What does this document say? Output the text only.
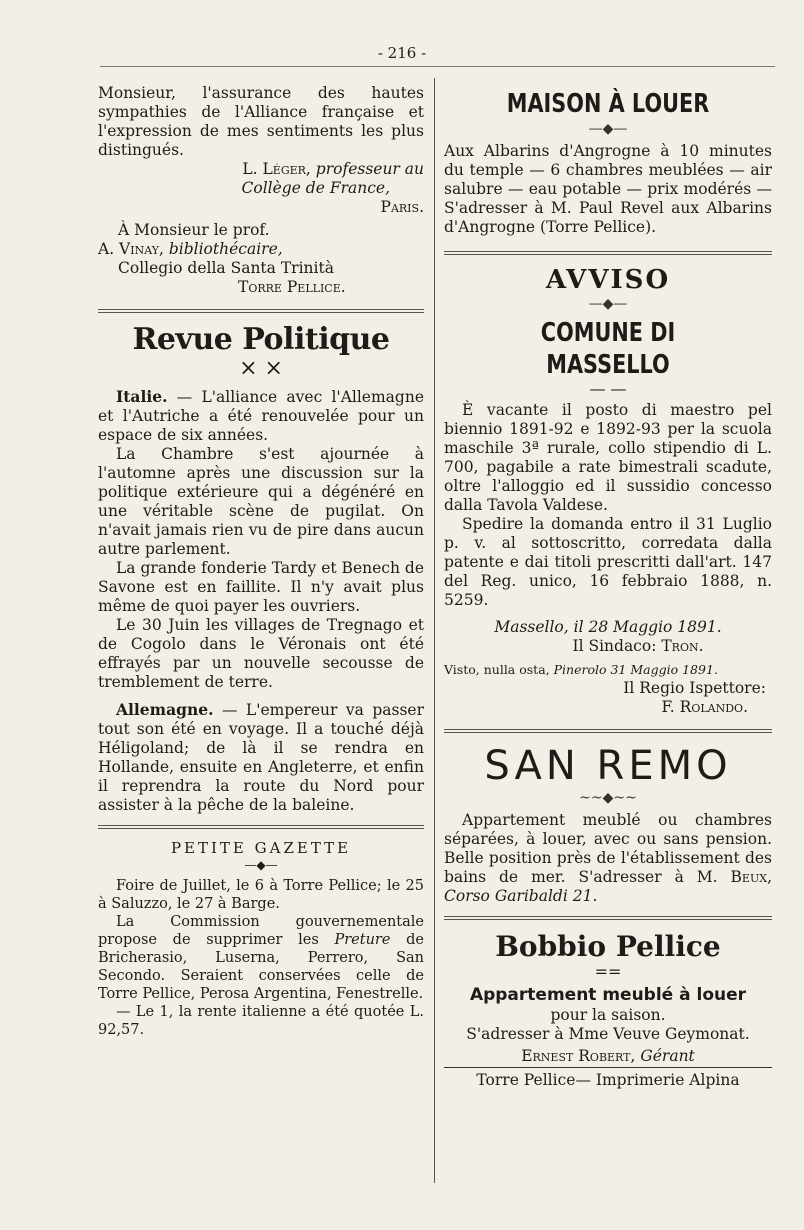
- 216 -

Monsieur, l'assurance des hautes sympathies de l'Alliance française et l'expression de mes sentiments les plus distingués.

L. Léger, professeur au

Collège de France,

Paris.

À Monsieur le prof.

A. Vinay, bibliothécaire,

Collegio della Santa Trinità

Torre Pellice.

Revue Politique
× ×

Italie. — L'alliance avec l'Allemagne et l'Autriche a été renouvelée pour un espace de six années.

La Chambre s'est ajournée à l'automne après une discussion sur la politique extérieure qui a dégénéré en une véritable scène de pugilat. On n'avait jamais rien vu de pire dans aucun autre parlement.

La grande fonderie Tardy et Benech de Savone est en faillite. Il n'y avait plus même de quoi payer les ouvriers.

Le 30 Juin les villages de Tregnago et de Cogolo dans le Véronais ont été effrayés par un nouvelle secousse de tremblement de terre.

Allemagne. — L'empereur va passer tout son été en voyage. Il a touché déjà Héligoland; de là il se rendra en Hollande, ensuite en Angleterre, et enfin il reprendra la route du Nord pour assister à la pêche de la baleine.

PETITE GAZETTE
—◆—

Foire de Juillet, le 6 à Torre Pellice; le 25 à Saluzzo, le 27 à Barge.

La Commission gouvernementale propose de supprimer les Preture de Bricherasio, Luserna, Perrero, San Secondo. Seraient conservées celle de Torre Pellice, Perosa Argentina, Fenestrelle.

— Le 1, la rente italienne a été quotée L. 92,57.

MAISON À LOUER
—◆—

Aux Albarins d'Angrogne à 10 minutes du temple — 6 chambres meublées — air salubre — eau potable — prix modérés — S'adresser à M. Paul Revel aux Albarins d'Angrogne (Torre Pellice).

AVVISO
—◆—
COMUNE DI MASSELLO
— —

È vacante il posto di maestro pel biennio 1891-92 e 1892-93 per la scuola maschile 3ª rurale, collo stipendio di L. 700, pagabile a rate bimestrali scadute, oltre l'alloggio ed il sussidio concesso dalla Tavola Valdese.

Spedire la domanda entro il 31 Luglio p. v. al sottoscritto, corredata dalla patente e dai titoli prescritti dall'art. 147 del Reg. unico, 16 febbraio 1888, n. 5259.

Massello, il 28 Maggio 1891.

Il Sindaco: Tron.

Visto, nulla osta, Pinerolo 31 Maggio 1891.

Il Regio Ispettore:

F. Rolando.

SAN REMO
~~◆~~

Appartement meublé ou chambres séparées, à louer, avec ou sans pension. Belle position près de l'établissement des bains de mer. S'adresser à M. Beux, Corso Garibaldi 21.

Bobbio Pellice
==

Appartement meublé à louer

pour la saison.

S'adresser à Mme Veuve Geymonat.

Ernest Robert, Gérant

Torre Pellice— Imprimerie Alpina
